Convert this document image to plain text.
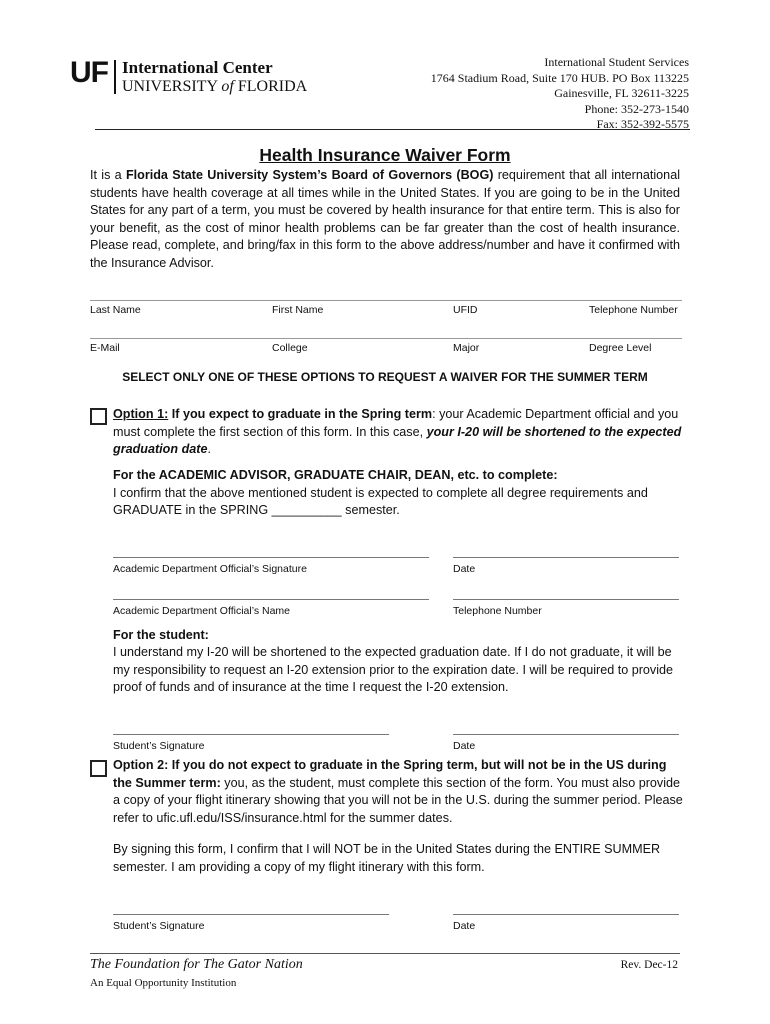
UF International Center
UNIVERSITY of FLORIDA
International Student Services
1764 Stadium Road, Suite 170 HUB. PO Box 113225
Gainesville, FL 32611-3225
Phone: 352-273-1540
Fax: 352-392-5575
Health Insurance Waiver Form
It is a Florida State University System’s Board of Governors (BOG) requirement that all international students have health coverage at all times while in the United States. If you are going to be in the United States for any part of a term, you must be covered by health insurance for that entire term. This is also for your benefit, as the cost of minor health problems can be far greater than the cost of health insurance. Please read, complete, and bring/fax in this form to the above address/number and have it confirmed with the Insurance Advisor.
Last Name	First Name	UFID	Telephone Number
E-Mail	College	Major	Degree Level
SELECT ONLY ONE OF THESE OPTIONS TO REQUEST A WAIVER FOR THE SUMMER TERM
Option 1: If you expect to graduate in the Spring term: your Academic Department official and you must complete the first section of this form. In this case, your I-20 will be shortened to the expected graduation date.
For the ACADEMIC ADVISOR, GRADUATE CHAIR, DEAN, etc. to complete:
I confirm that the above mentioned student is expected to complete all degree requirements and
GRADUATE in the SPRING __________ semester.
Academic Department Official’s Signature	Date
Academic Department Official’s Name	Telephone Number
For the student:
I understand my I-20 will be shortened to the expected graduation date. If I do not graduate, it will be my responsibility to request an I-20 extension prior to the expiration date. I will be required to provide proof of funds and of insurance at the time I request the I-20 extension.
Student’s Signature	Date
Option 2: If you do not expect to graduate in the Spring term, but will not be in the US during the Summer term: you, as the student, must complete this section of the form. You must also provide a copy of your flight itinerary showing that you will not be in the U.S. during the summer period. Please refer to ufic.ufl.edu/ISS/insurance.html for the summer dates.
By signing this form, I confirm that I will NOT be in the United States during the ENTIRE SUMMER semester. I am providing a copy of my flight itinerary with this form.
Student’s Signature	Date
The Foundation for The Gator Nation	Rev. Dec-12
An Equal Opportunity Institution
